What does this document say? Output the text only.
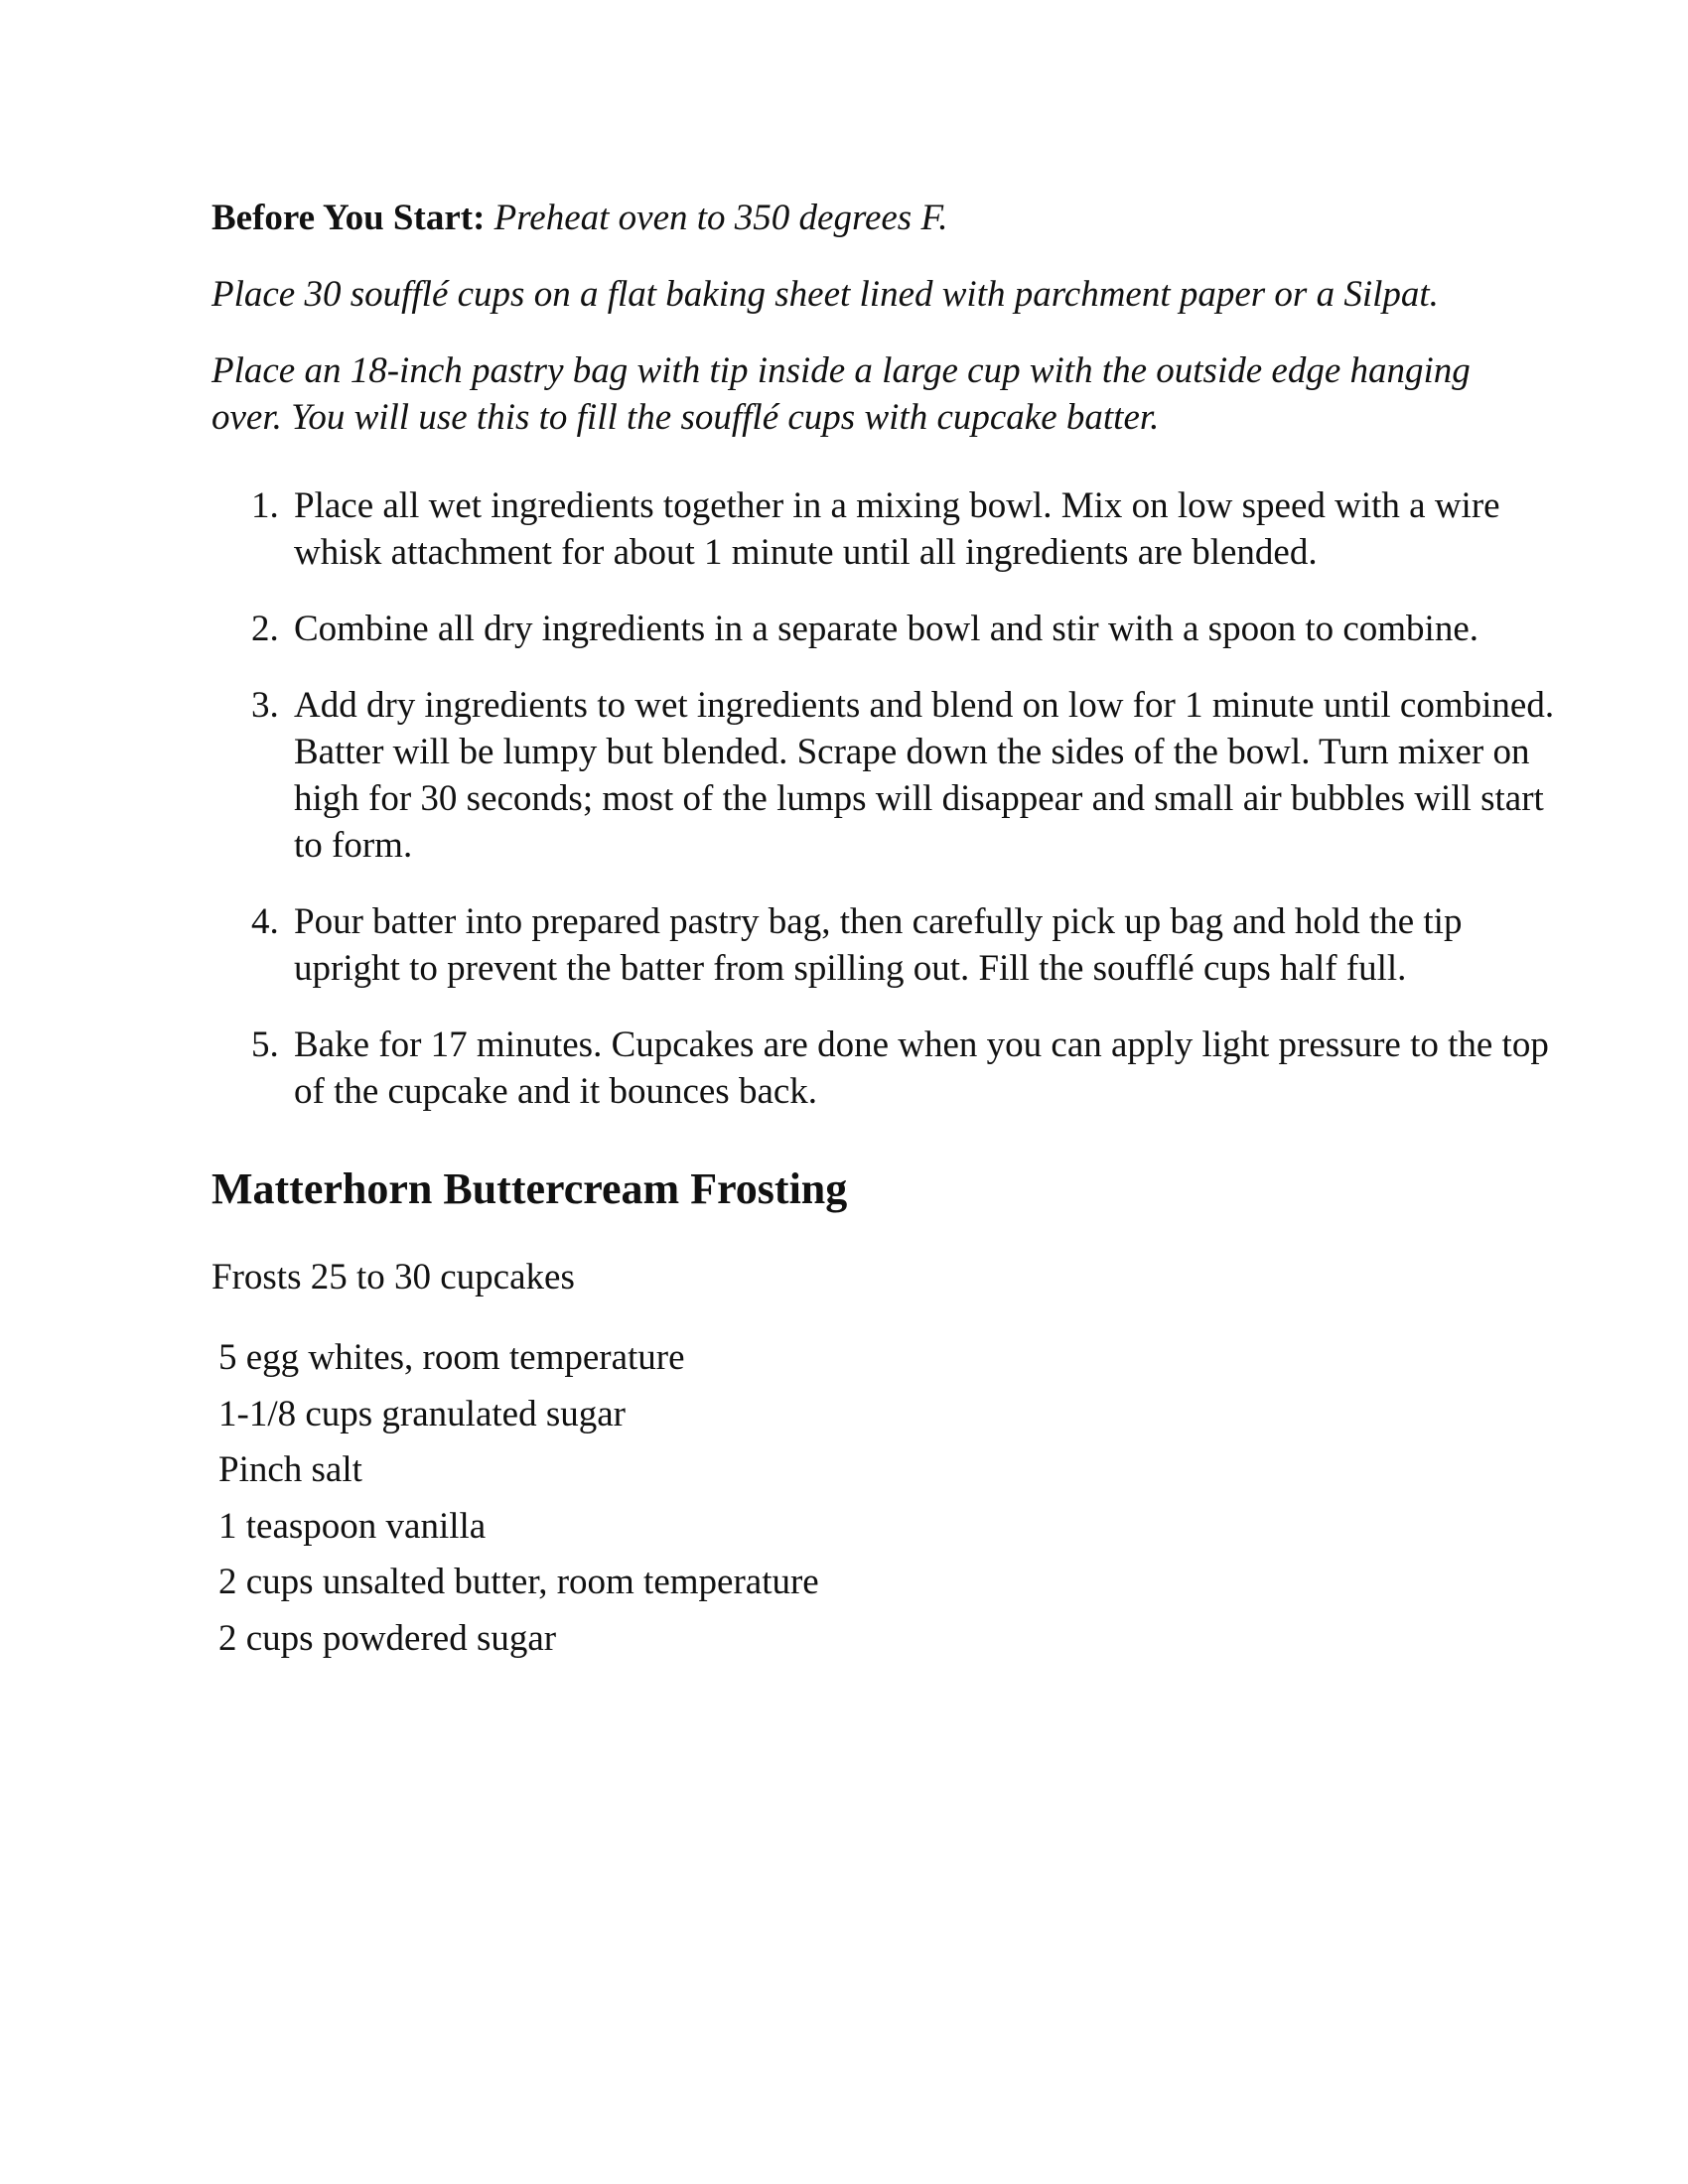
Before You Start: Preheat oven to 350 degrees F.

Place 30 soufflé cups on a flat baking sheet lined with parchment paper or a Silpat.

Place an 18-inch pastry bag with tip inside a large cup with the outside edge hanging over. You will use this to fill the soufflé cups with cupcake batter.

1. Place all wet ingredients together in a mixing bowl. Mix on low speed with a wire whisk attachment for about 1 minute until all ingredients are blended.
2. Combine all dry ingredients in a separate bowl and stir with a spoon to combine.
3. Add dry ingredients to wet ingredients and blend on low for 1 minute until combined. Batter will be lumpy but blended. Scrape down the sides of the bowl. Turn mixer on high for 30 seconds; most of the lumps will disappear and small air bubbles will start to form.
4. Pour batter into prepared pastry bag, then carefully pick up bag and hold the tip upright to prevent the batter from spilling out. Fill the soufflé cups half full.
5. Bake for 17 minutes. Cupcakes are done when you can apply light pressure to the top of the cupcake and it bounces back.
Matterhorn Buttercream Frosting

Frosts 25 to 30 cupcakes

5 egg whites, room temperature
1-1/8 cups granulated sugar
Pinch salt
1 teaspoon vanilla
2 cups unsalted butter, room temperature
2 cups powdered sugar
